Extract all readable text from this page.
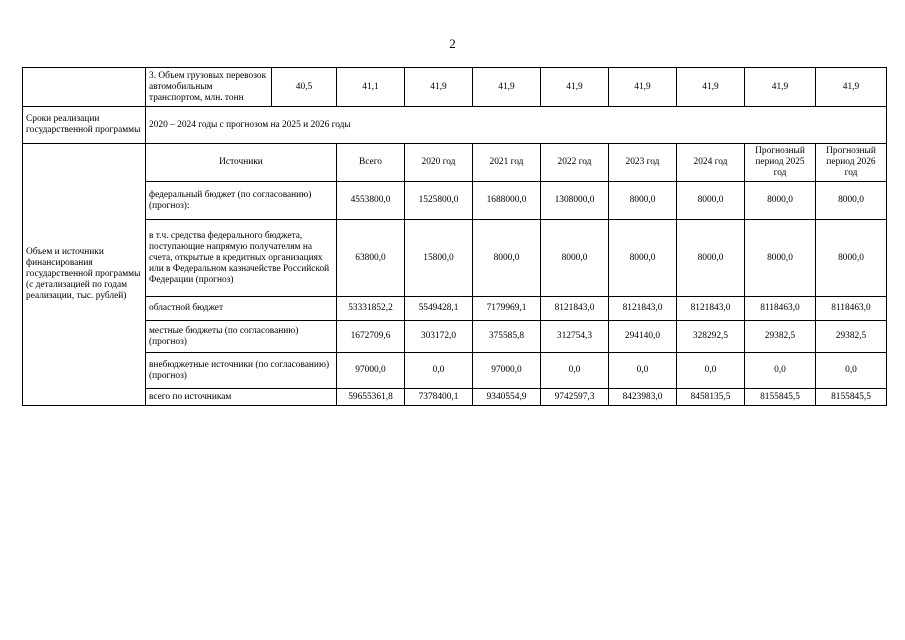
2
	3. Объем грузовых перевозок автомобильным транспортом, млн. тонн	40,5	41,1	41,9	41,9	41,9	41,9	41,9	41,9	41,9
Сроки реализации государственной программы	2020 – 2024 годы с прогнозом на 2025 и 2026 годы									
Объем и источники финансирования государственной программы (с детализацией по годам реализации, тыс. рублей)	Источники		Всего	2020 год	2021 год	2022 год	2023 год	2024 год	Прогнозный период 2025 год	Прогнозный период 2026 год
	федеральный бюджет (по согласованию) (прогноз):		4553800,0	1525800,0	1688000,0	1308000,0	8000,0	8000,0	8000,0	8000,0
	в т.ч. средства федерального бюджета, поступающие напрямую получателям на счета, открытые в кредитных организациях или в Федеральном казначействе Российской Федерации (прогноз)		63800,0	15800,0	8000,0	8000,0	8000,0	8000,0	8000,0	8000,0
	областной бюджет		53331852,2	5549428,1	7179969,1	8121843,0	8121843,0	8121843,0	8118463,0	8118463,0
	местные бюджеты (по согласованию) (прогноз)		1672709,6	303172,0	375585,8	312754,3	294140,0	328292,5	29382,5	29382,5
	внебюджетные источники (по согласованию) (прогноз)		97000,0	0,0	97000,0	0,0	0,0	0,0	0,0	0,0
	всего по источникам		59655361,8	7378400,1	9340554,9	9742597,3	8423983,0	8458135,5	8155845,5	8155845,5
